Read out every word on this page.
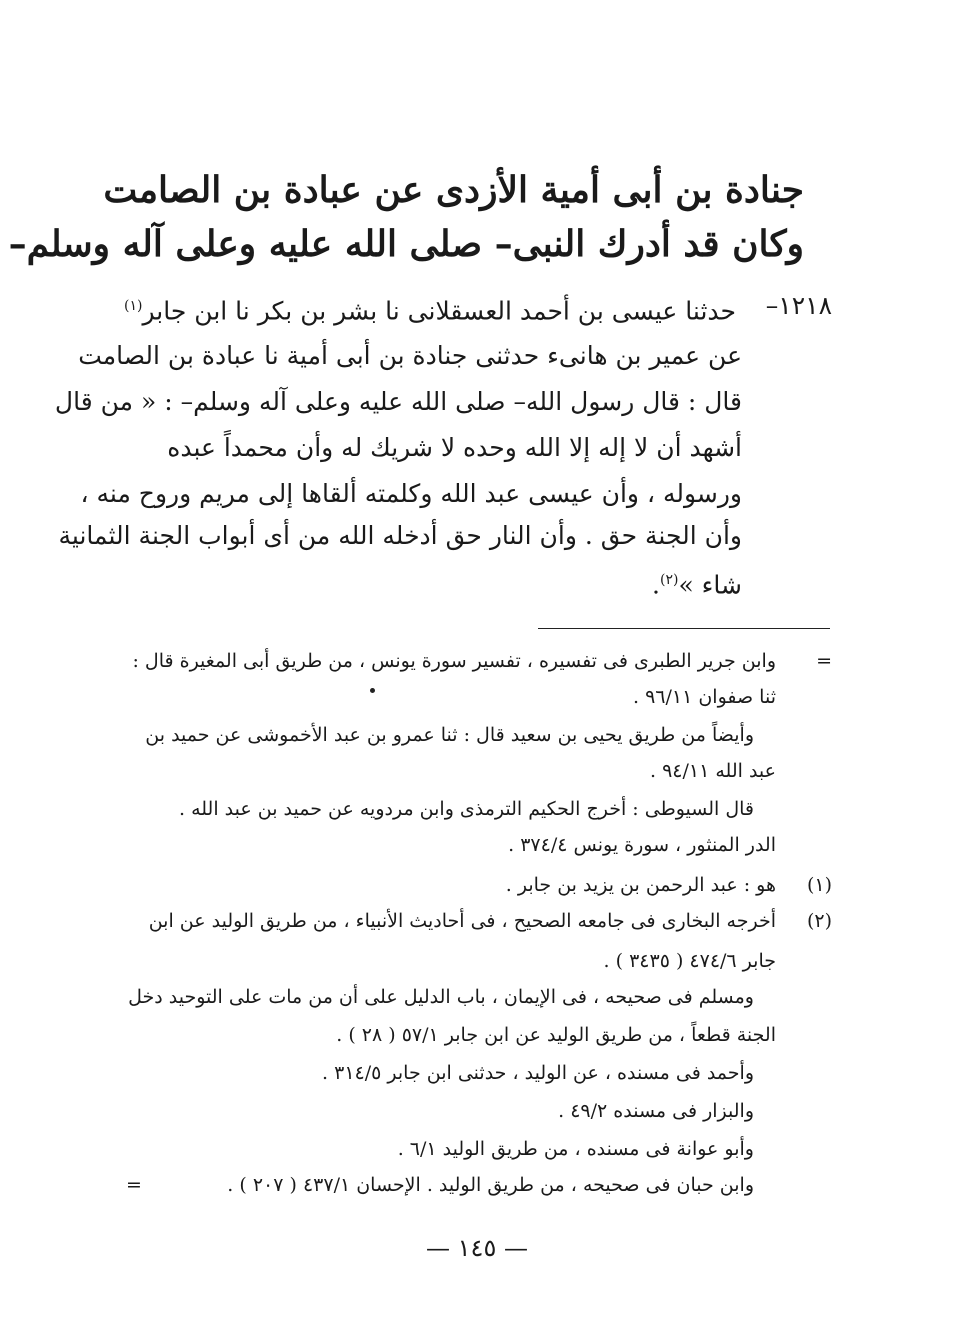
جنادة بن أبى أمية الأزدى عن عبادة بن الصامت
وكان قد أدرك النبى– صلى الله عليه وعلى آله وسلم–
١٢١٨–
حدثنا عيسى بن أحمد العسقلانى نا بشر بن بكر نا ابن جابر$^{(١)}$
عن عمير بن هانىء حدثنى جنادة بن أبى أمية نا عبادة بن الصامت
قال : قال رسول الله– صلى الله عليه وعلى آله وسلم– : « من قال
أشهد أن لا إله إلا الله وحده لا شريك له وأن محمداً عبده
ورسوله ، وأن عيسى عبد الله وكلمته ألقاها إلى مريم وروح منه ،
وأن الجنة حق . وأن النار حق أدخله الله من أى أبواب الجنة الثمانية
شاء »$^{(٢)}$.
=
وابن جرير الطبرى فى تفسيره ، تفسير سورة يونس ، من طريق أبى المغيرة قال :
ثنا صفوان ٩٦/١١ .
وأيضاً من طريق يحيى بن سعيد قال : ثنا عمرو بن عبد الأخموشى عن حميد بن
عبد الله ٩٤/١١ .
قال السيوطى : أخرج الحكيم الترمذى وابن مردويه عن حميد بن عبد الله .
الدر المنثور ، سورة يونس ٣٧٤/٤ .
(١)
هو : عبد الرحمن بن يزيد بن جابر .
(٢)
أخرجه البخارى فى جامعه الصحيح ، فى أحاديث الأنبياء ، من طريق الوليد عن ابن
جابر ٤٧٤/٦ ( ٣٤٣٥ ) .
ومسلم فى صحيحه ، فى الإيمان ، باب الدليل على أن من مات على التوحيد دخل
الجنة قطعاً ، من طريق الوليد عن ابن جابر ٥٧/١ ( ٢٨ ) .
وأحمد فى مسنده ، عن الوليد ، حدثنى ابن جابر ٣١٤/٥ .
والبزار فى مسنده ٤٩/٢ .
وأبو عوانة فى مسنده ، من طريق الوليد ٦/١ .
وابن حبان فى صحيحه ، من طريق الوليد . الإحسان ٤٣٧/١ ( ٢٠٧ ) .
=
— ١٤٥ —
